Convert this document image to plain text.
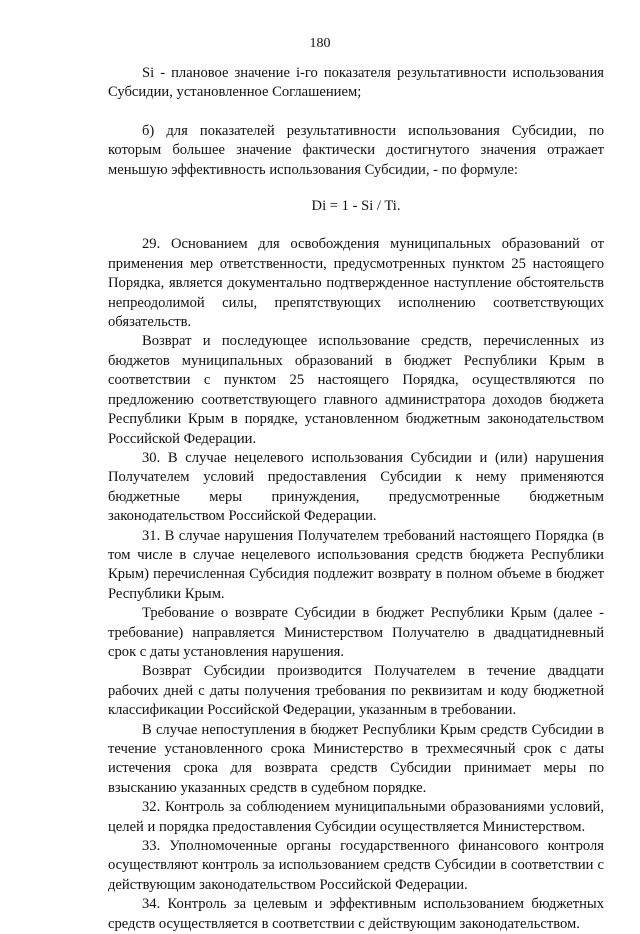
180

Si - плановое значение i-го показателя результативности использования Субсидии, установленное Соглашением;

б) для показателей результативности использования Субсидии, по которым большее значение фактически достигнутого значения отражает меньшую эффективность использования Субсидии, - по формуле:

Di = 1 - Si / Ti.

29. Основанием для освобождения муниципальных образований от применения мер ответственности, предусмотренных пунктом 25 настоящего Порядка, является документально подтвержденное наступление обстоятельств непреодолимой силы, препятствующих исполнению соответствующих обязательств.

Возврат и последующее использование средств, перечисленных из бюджетов муниципальных образований в бюджет Республики Крым в соответствии с пунктом 25 настоящего Порядка, осуществляются по предложению соответствующего главного администратора доходов бюджета Республики Крым в порядке, установленном бюджетным законодательством Российской Федерации.

30. В случае нецелевого использования Субсидии и (или) нарушения Получателем условий предоставления Субсидии к нему применяются бюджетные меры принуждения, предусмотренные бюджетным законодательством Российской Федерации.

31. В случае нарушения Получателем требований настоящего Порядка (в том числе в случае нецелевого использования средств бюджета Республики Крым) перечисленная Субсидия подлежит возврату в полном объеме в бюджет Республики Крым.

Требование о возврате Субсидии в бюджет Республики Крым (далее - требование) направляется Министерством Получателю в двадцатидневный срок с даты установления нарушения.

Возврат Субсидии производится Получателем в течение двадцати рабочих дней с даты получения требования по реквизитам и коду бюджетной классификации Российской Федерации, указанным в требовании.

В случае непоступления в бюджет Республики Крым средств Субсидии в течение установленного срока Министерство в трехмесячный срок с даты истечения срока для возврата средств Субсидии принимает меры по взысканию указанных средств в судебном порядке.

32. Контроль за соблюдением муниципальными образованиями условий, целей и порядка предоставления Субсидии осуществляется Министерством.

33. Уполномоченные органы государственного финансового контроля осуществляют контроль за использованием средств Субсидии в соответствии с действующим законодательством Российской Федерации.

34. Контроль за целевым и эффективным использованием бюджетных средств осуществляется в соответствии с действующим законодательством.
